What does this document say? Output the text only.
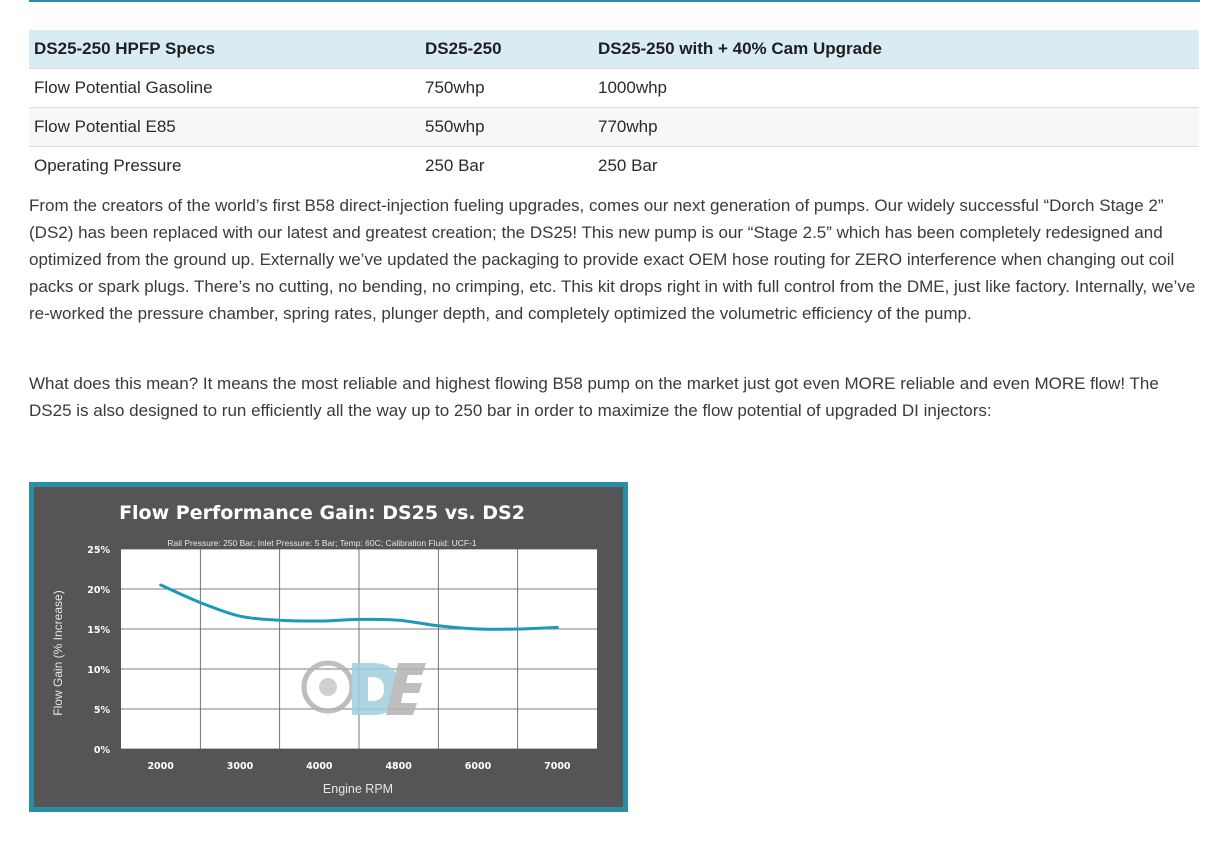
DS25-250 HPFP Specs	DS25-250	DS25-250 with + 40% Cam Upgrade
Flow Potential Gasoline	750whp	1000whp
Flow Potential E85	550whp	770whp
Operating Pressure	250 Bar	250 Bar

From the creators of the world’s first B58 direct-injection fueling upgrades, comes our next generation of pumps. Our widely successful “Dorch Stage 2” (DS2) has been replaced with our latest and greatest creation; the DS25! This new pump is our “Stage 2.5” which has been completely redesigned and optimized from the ground up. Externally we’ve updated the packaging to provide exact OEM hose routing for ZERO interference when changing out coil packs or spark plugs. There’s no cutting, no bending, no crimping, etc. This kit drops right in with full control from the DME, just like factory. Internally, we’ve re-worked the pressure chamber, spring rates, plunger depth, and completely optimized the volumetric efficiency of the pump.

What does this mean? It means the most reliable and highest flowing B58 pump on the market just got even MORE reliable and even MORE flow! The DS25 is also designed to run efficiently all the way up to 250 bar in order to maximize the flow potential of upgraded DI injectors:

Flow Performance Gain: DS25 vs. DS2
Rail Pressure: 250 Bar; Inlet Pressure: 5 Bar; Temp: 60C; Calibration Fluid: UCF-1
0%
5%
10%
15%
20%
25%
2000	3000	4000	4800	6000	7000
Flow Gain (% Increase)
Engine RPM
